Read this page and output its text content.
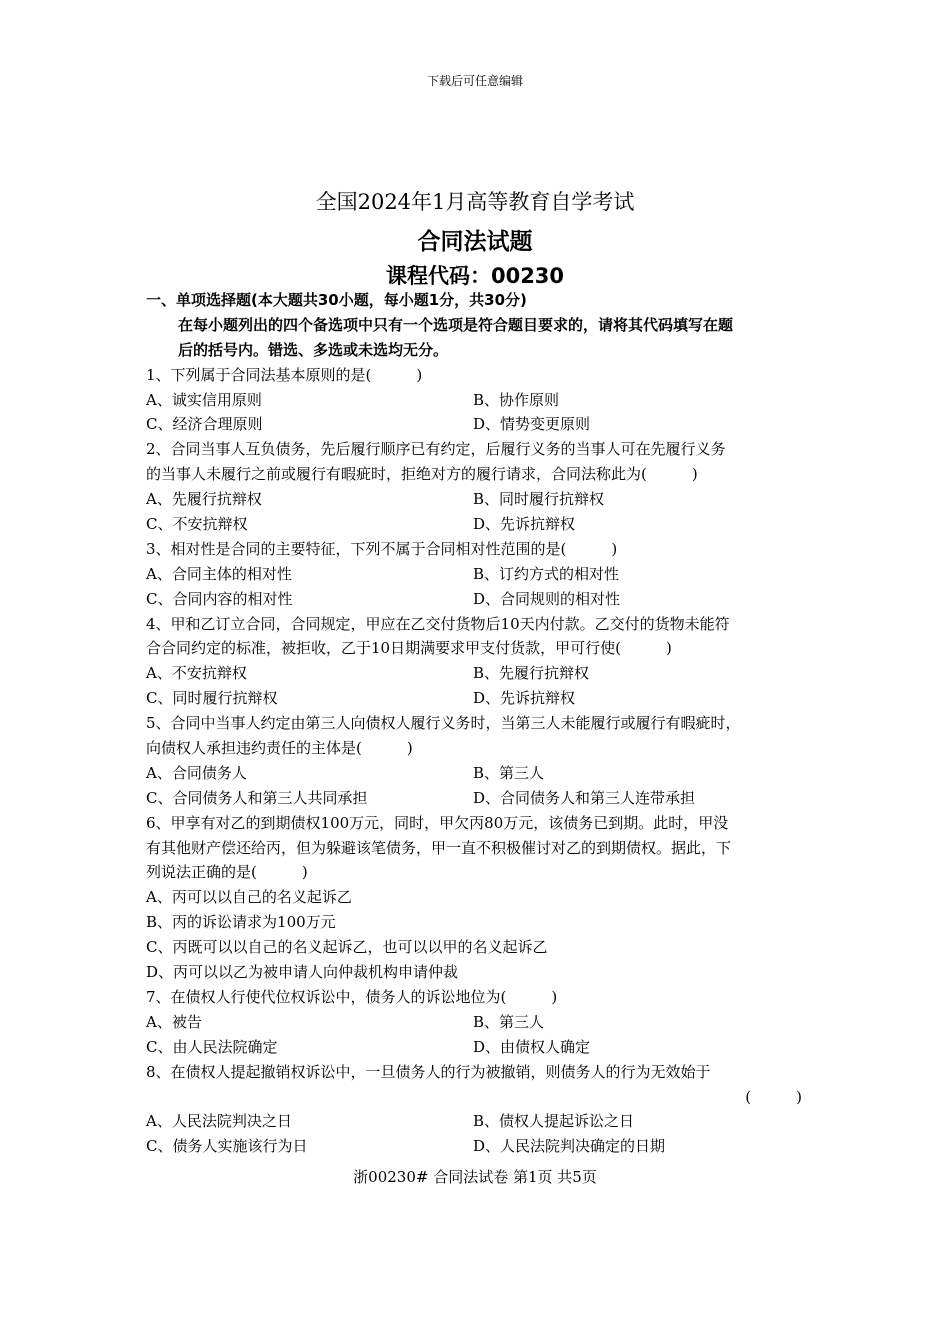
下载后可任意编辑
全国2024年1月高等教育自学考试
合同法试题
课程代码：00230
一、单项选择题(本大题共30小题，每小题1分，共30分)
在每小题列出的四个备选项中只有一个选项是符合题目要求的，请将其代码填写在题
后的括号内。错选、多选或未选均无分。
1、下列属于合同法基本原则的是(　　　)
A、诚实信用原则	B、协作原则
C、经济合理原则	D、情势变更原则
2、合同当事人互负债务，先后履行顺序已有约定，后履行义务的当事人可在先履行义务
的当事人未履行之前或履行有暇疵时，拒绝对方的履行请求，合同法称此为(　　　)
A、先履行抗辩权	B、同时履行抗辩权
C、不安抗辩权	D、先诉抗辩权
3、相对性是合同的主要特征，下列不属于合同相对性范围的是(　　　)
A、合同主体的相对性	B、订约方式的相对性
C、合同内容的相对性	D、合同规则的相对性
4、甲和乙订立合同，合同规定，甲应在乙交付货物后10天内付款。乙交付的货物未能符
合合同约定的标准，被拒收，乙于10日期满要求甲支付货款，甲可行使(　　　)
A、不安抗辩权	B、先履行抗辩权
C、同时履行抗辩权	D、先诉抗辩权
5、合同中当事人约定由第三人向债权人履行义务时，当第三人未能履行或履行有暇疵时，
向债权人承担违约责任的主体是(　　　)
A、合同债务人	B、第三人
C、合同债务人和第三人共同承担	D、合同债务人和第三人连带承担
6、甲享有对乙的到期债权100万元，同时，甲欠丙80万元，该债务已到期。此时，甲没
有其他财产偿还给丙，但为躲避该笔债务，甲一直不积极催讨对乙的到期债权。据此，下
列说法正确的是(　　　)
A、丙可以以自己的名义起诉乙
B、丙的诉讼请求为100万元
C、丙既可以以自己的名义起诉乙，也可以以甲的名义起诉乙
D、丙可以以乙为被申请人向仲裁机构申请仲裁
7、在债权人行使代位权诉讼中，债务人的诉讼地位为(　　　)
A、被告	B、第三人
C、由人民法院确定	D、由债权人确定
8、在债权人提起撤销权诉讼中，一旦债务人的行为被撤销，则债务人的行为无效始于
(　　　)
A、人民法院判决之日	B、债权人提起诉讼之日
C、债务人实施该行为日	D、人民法院判决确定的日期
浙00230# 合同法试卷 第1页 共5页
